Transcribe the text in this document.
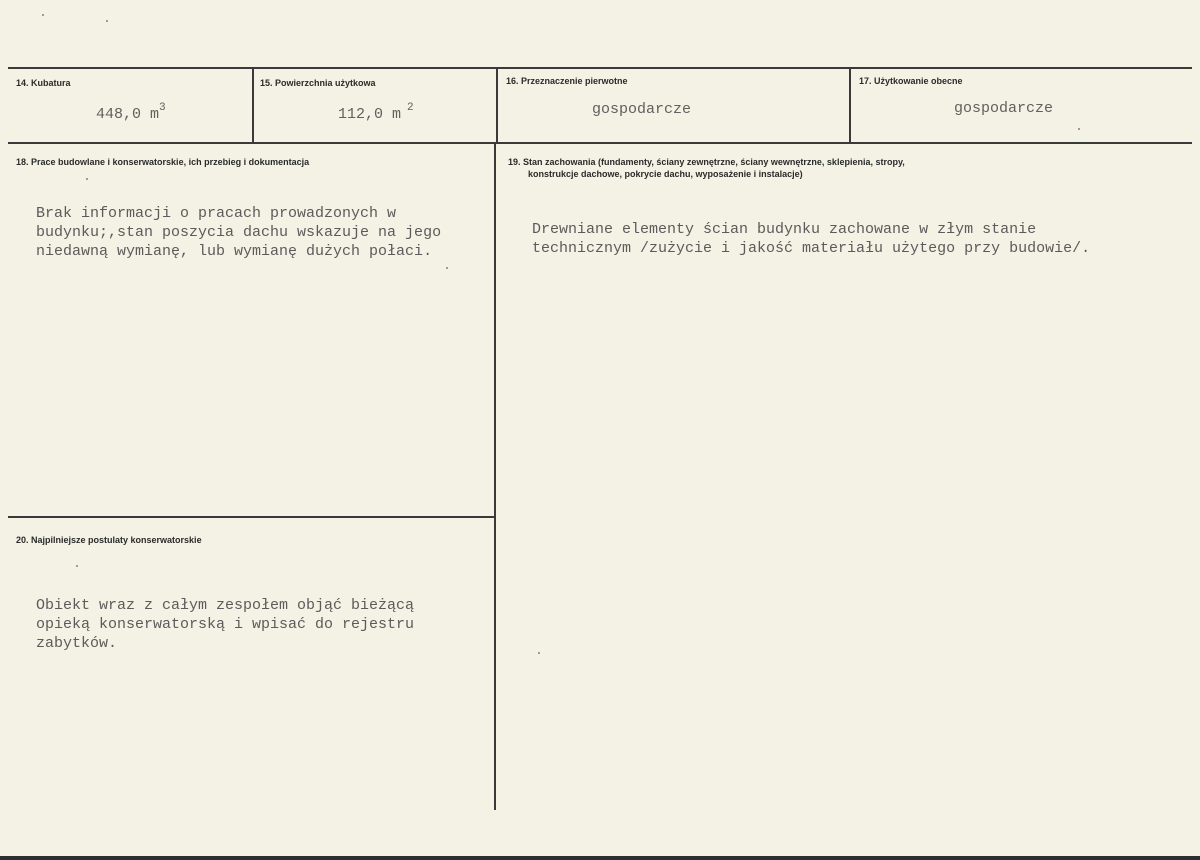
14. Kubatura
448,0 $m^3$
15. Powierzchnia użytkowa
112,0 m $^2$
16. Przeznaczenie pierwotne
gospodarcze
17. Użytkowanie obecne
gospodarcze
18. Prace budowlane i konserwatorskie, ich przebieg i dokumentacja
Brak informacji o pracach prowadzonych w
budynku;,stan poszycia dachu wskazuje na jego
niedawną wymianę, lub wymianę dużych połaci.
19. Stan zachowania (fundamenty, ściany zewnętrzne, ściany wewnętrzne, sklepienia, stropy,
konstrukcje dachowe, pokrycie dachu, wyposażenie i instalacje)
Drewniane elementy ścian budynku zachowane w złym stanie
technicznym /zużycie i jakość materiału użytego przy budowie/.
20. Najpilniejsze postulaty konserwatorskie
Obiekt wraz z całym zespołem objąć bieżącą
opieką konserwatorską i wpisać do rejestru
zabytków.
